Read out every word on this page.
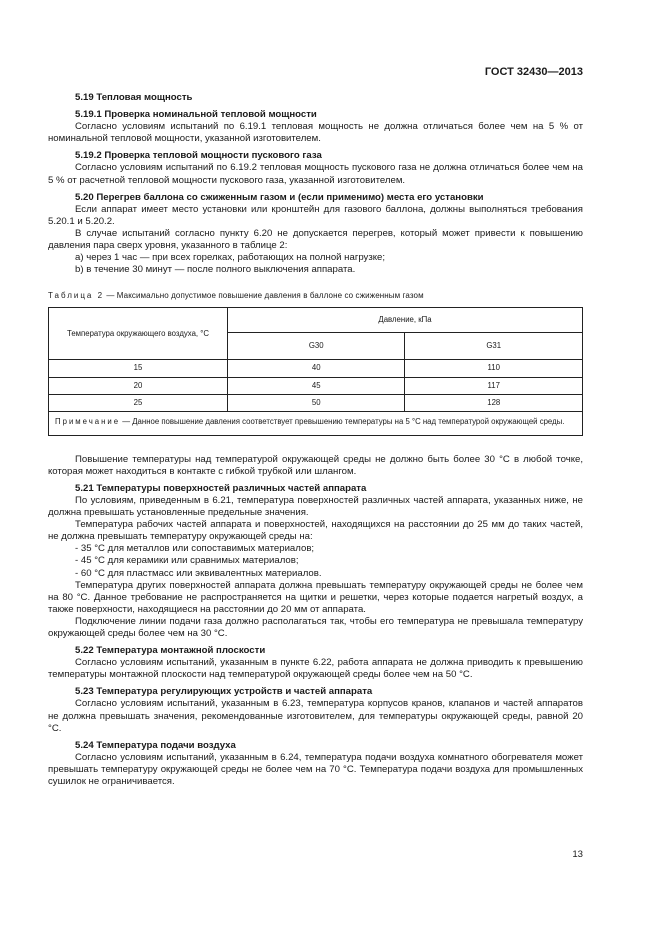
ГОСТ 32430—2013

5.19 Тепловая мощность

5.19.1 Проверка номинальной тепловой мощности

Согласно условиям испытаний по 6.19.1 тепловая мощность не должна отличаться более чем на 5 % от номинальной тепловой мощности, указанной изготовителем.

5.19.2 Проверка тепловой мощности пускового газа

Согласно условиям испытаний по 6.19.2 тепловая мощность пускового газа не должна отличаться более чем на 5 % от расчетной тепловой мощности пускового газа, указанной изготовителем.

5.20 Перегрев баллона со сжиженным газом и (если применимо) места его установки

Если аппарат имеет место установки или кронштейн для газового баллона, должны выполняться требования 5.20.1 и 5.20.2.

В случае испытаний согласно пункту 6.20 не допускается перегрев, который может привести к повышению давления пара сверх уровня, указанного в таблице 2:

a) через 1 час — при всех горелках, работающих на полной нагрузке;

b) в течение 30 минут — после полного выключения аппарата.

Таблица 2 — Максимально допустимое повышение давления в баллоне со сжиженным газом

Температура окружающего воздуха, °С	Давление, кПа	
	G30	G31
15	40	110
20	45	117
25	50	128
Примечание — Данное повышение давления соответствует превышению температуры на 5 °С над температурой окружающей среды.		

Повышение температуры над температурой окружающей среды не должно быть более 30 °С в любой точке, которая может находиться в контакте с гибкой трубкой или шлангом.

5.21 Температуры поверхностей различных частей аппарата

По условиям, приведенным в 6.21, температура поверхностей различных частей аппарата, указанных ниже, не должна превышать установленные предельные значения.

Температура рабочих частей аппарата и поверхностей, находящихся на расстоянии до 25 мм до таких частей, не должна превышать температуру окружающей среды на:

- 35 °С для металлов или сопоставимых материалов;

- 45 °С для керамики или сравнимых материалов;

- 60 °С для пластмасс или эквивалентных материалов.

Температура других поверхностей аппарата должна превышать температуру окружающей среды не более чем на 80 °С. Данное требование не распространяется на щитки и решетки, через которые подается нагретый воздух, а также поверхности, находящиеся на расстоянии до 20 мм от аппарата.

Подключение линии подачи газа должно располагаться так, чтобы его температура не превышала температуру окружающей среды более чем на 30 °С.

5.22 Температура монтажной плоскости

Согласно условиям испытаний, указанным в пункте 6.22, работа аппарата не должна приводить к превышению температуры монтажной плоскости над температурой окружающей среды более чем на 50 °С.

5.23 Температура регулирующих устройств и частей аппарата

Согласно условиям испытаний, указанным в 6.23, температура корпусов кранов, клапанов и частей аппаратов не должна превышать значения, рекомендованные изготовителем, для температуры окружающей среды, равной 20 °С.

5.24 Температура подачи воздуха

Согласно условиям испытаний, указанным в 6.24, температура подачи воздуха комнатного обогревателя может превышать температуру окружающей среды не более чем на 70 °С. Температура подачи воздуха для промышленных сушилок не ограничивается.

13
